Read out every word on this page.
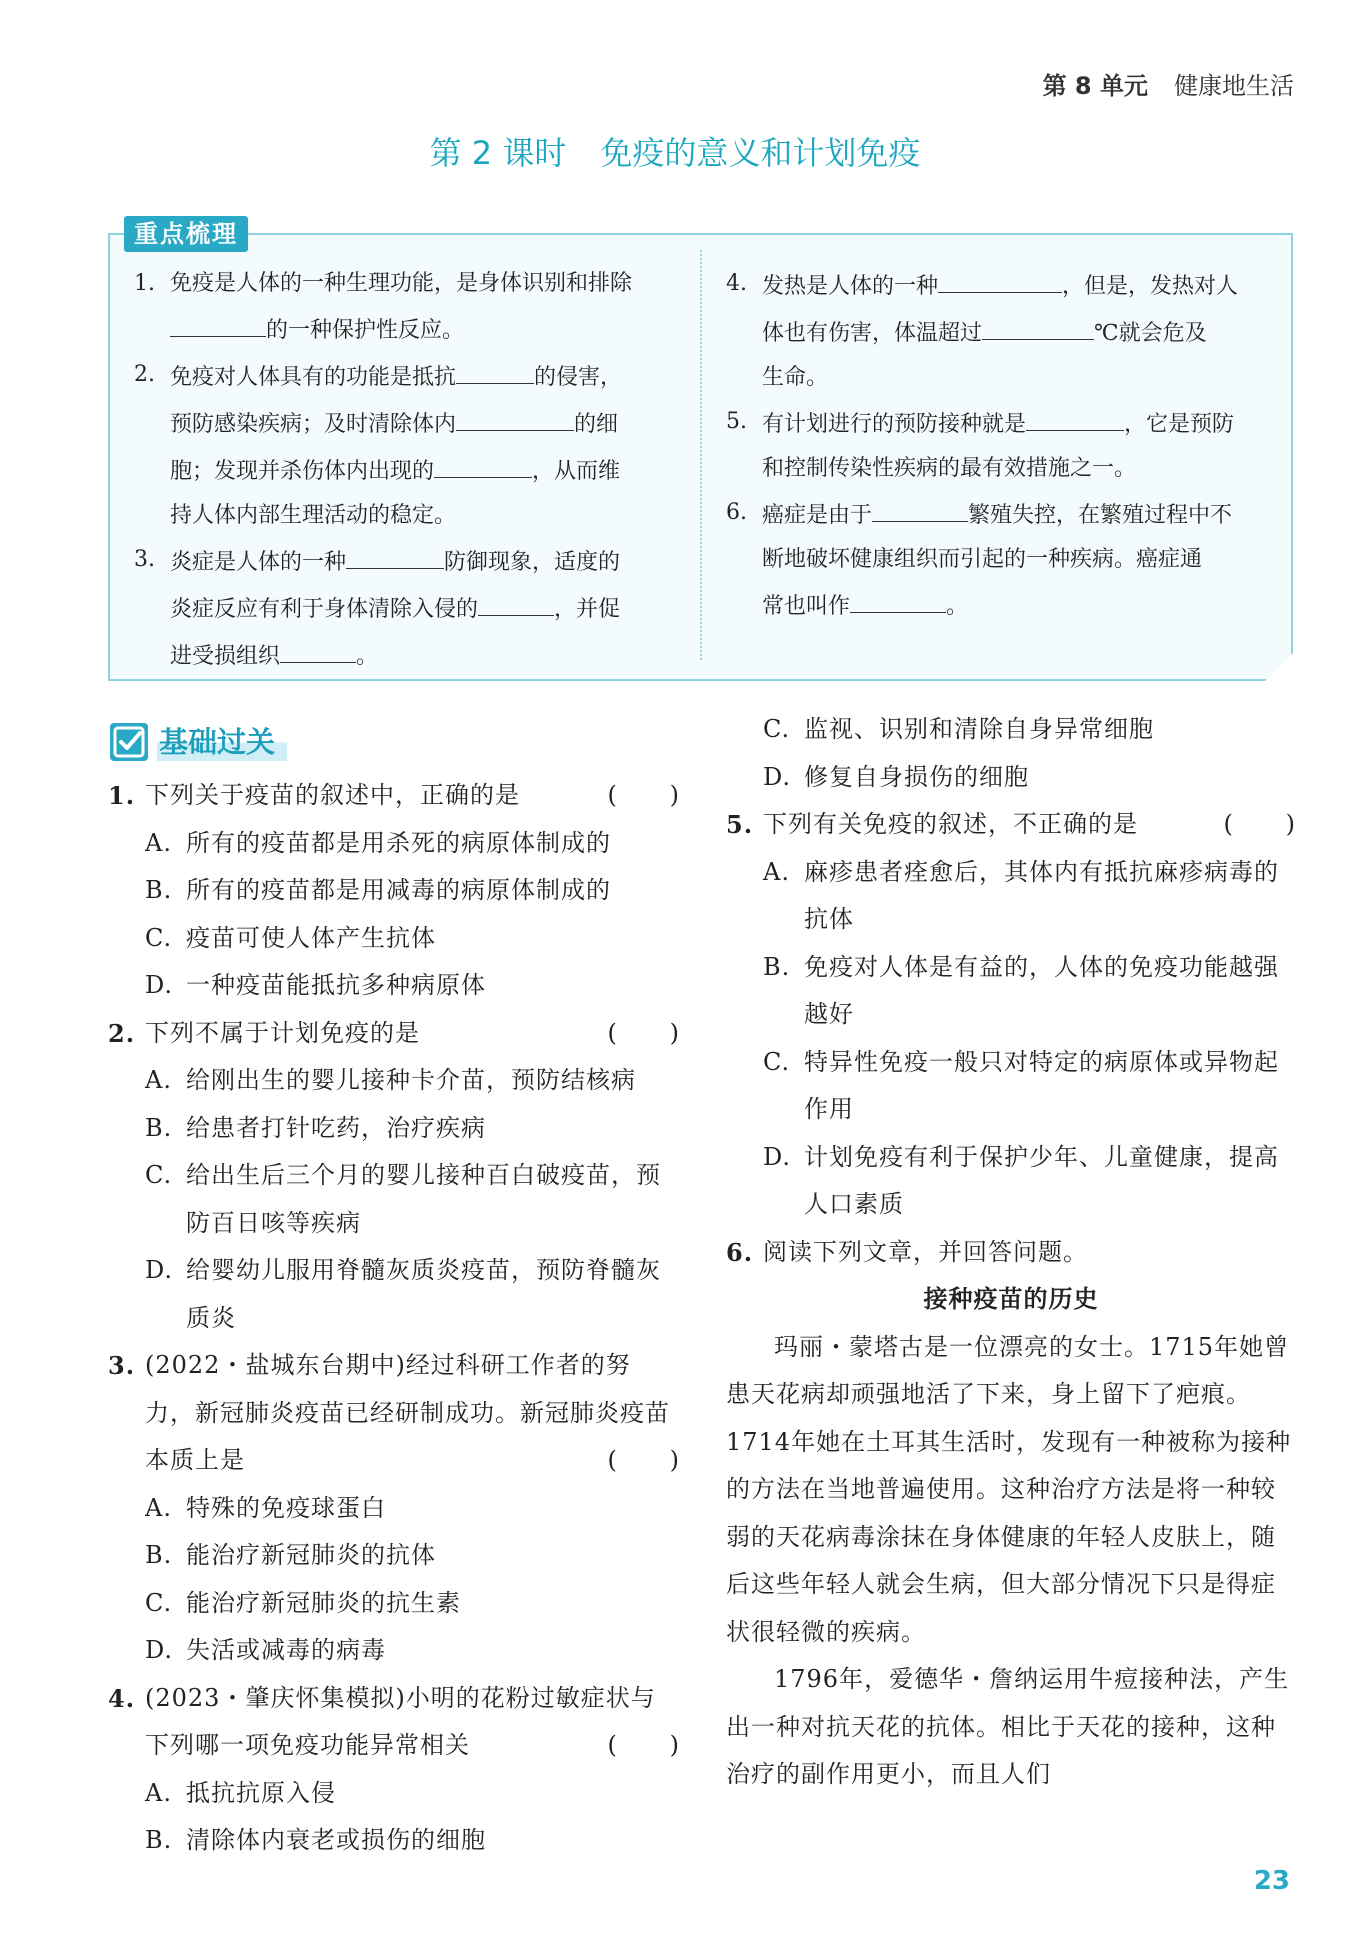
第 8 单元 健康地生活
第 2 课时 免疫的意义和计划免疫
重点梳理
1. 免疫是人体的一种生理功能，是身体识别和排除
的一种保护性反应。
2. 免疫对人体具有的功能是抵抗	的侵害，
预防感染疾病；及时清除体内	的细
胞；发现并杀伤体内出现的	，从而维
持人体内部生理活动的稳定。
3. 炎症是人体的一种	防御现象，适度的
炎症反应有利于身体清除入侵的	，并促
进受损组织	。
4. 发热是人体的一种	，但是，发热对人
体也有伤害，体温超过	℃就会危及
生命。
5. 有计划进行的预防接种就是	，它是预防
和控制传染性疾病的最有效措施之一。
6. 癌症是由于	繁殖失控，在繁殖过程中不
断地破坏健康组织而引起的一种疾病。癌症通
常也叫作	。
基础过关
1. 下列关于疫苗的叙述中，正确的是	(      )
A. 所有的疫苗都是用杀死的病原体制成的
B. 所有的疫苗都是用减毒的病原体制成的
C. 疫苗可使人体产生抗体
D. 一种疫苗能抵抗多种病原体
2. 下列不属于计划免疫的是	(      )
A. 给刚出生的婴儿接种卡介苗，预防结核病
B. 给患者打针吃药，治疗疾病
C. 给出生后三个月的婴儿接种百白破疫苗，预防百日咳等疾病
D. 给婴幼儿服用脊髓灰质炎疫苗，预防脊髓灰质炎
3. (2022・盐城东台期中)经过科研工作者的努力，新冠肺炎疫苗已经研制成功。新冠肺炎疫苗本质上是	(      )
A. 特殊的免疫球蛋白
B. 能治疗新冠肺炎的抗体
C. 能治疗新冠肺炎的抗生素
D. 失活或减毒的病毒
4. (2023・肇庆怀集模拟)小明的花粉过敏症状与下列哪一项免疫功能异常相关	(      )
A. 抵抗抗原入侵
B. 清除体内衰老或损伤的细胞
C. 监视、识别和清除自身异常细胞
D. 修复自身损伤的细胞
5. 下列有关免疫的叙述，不正确的是	(      )
A. 麻疹患者痊愈后，其体内有抵抗麻疹病毒的抗体
B. 免疫对人体是有益的，人体的免疫功能越强越好
C. 特异性免疫一般只对特定的病原体或异物起作用
D. 计划免疫有利于保护少年、儿童健康，提高人口素质
6. 阅读下列文章，并回答问题。
接种疫苗的历史
玛丽・蒙塔古是一位漂亮的女士。1715年她曾患天花病却顽强地活了下来，身上留下了疤痕。1714年她在土耳其生活时，发现有一种被称为接种的方法在当地普遍使用。这种治疗方法是将一种较弱的天花病毒涂抹在身体健康的年轻人皮肤上，随后这些年轻人就会生病，但大部分情况下只是得症状很轻微的疾病。
1796年，爱德华・詹纳运用牛痘接种法，产生出一种对抗天花的抗体。相比于天花的接种，这种治疗的副作用更小，而且人们
23
